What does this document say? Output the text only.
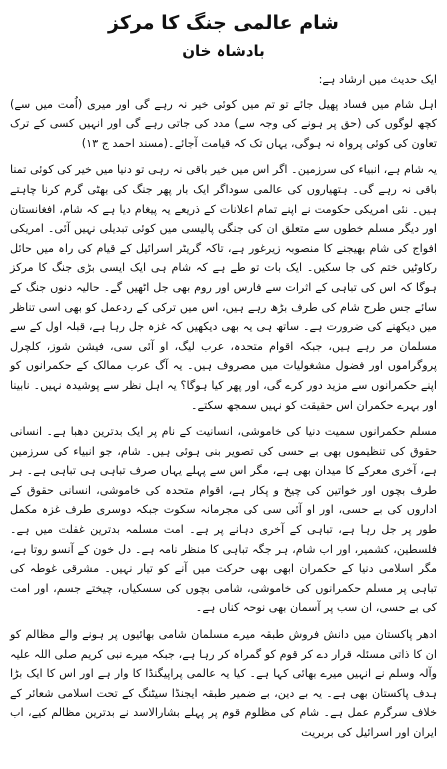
شام عالمی جنگ کا مرکز
بادشاہ خان

ایک حدیث میں ارشاد ہے:

اہل شام میں فساد پھیل جائے تو تم میں کوئی خیر نہ رہے گی اور میری (اُمت میں سے) کچھ لوگوں کی (حق پر ہونے کی وجہ سے) مدد کی جاتی رہے گی اور انہیں کسی کے ترک تعاون کی کوئی پرواہ نہ ہوگی، یہاں تک کہ قیامت آجائے۔(مسند احمد ج ١٣)

یہ شام ہے، انبیاء کی سرزمین۔ اگر اس میں خیر باقی نہ رہی تو دنیا میں خیر کی کوئی تمنا باقی نہ رہے گی۔ ہتھیاروں کی عالمی سوداگر ایک بار پھر جنگ کی بھٹی گرم کرنا چاہتے ہیں۔ نئی امریکی حکومت نے اپنے تمام اعلانات کے ذریعے یہ پیغام دیا ہے کہ شام، افغانستان اور دیگر مسلم خطوں سے متعلق ان کی جنگی پالیسی میں کوئی تبدیلی نہیں آئی۔ امریکی افواج کی شام بھیجنے کا منصوبہ زیرغور ہے، تاکہ گریٹر اسرائیل کے قیام کی راہ میں حائل رکاوٹیں ختم کی جا سکیں۔ ایک بات تو طے ہے کہ شام ہی ایک ایسی بڑی جنگ کا مرکز ہوگا کہ اس کی تباہی کے اثرات سے فارس اور روم بھی جل اٹھیں گے۔ حالیہ دنوں جنگ کے سائے جس طرح شام کی طرف بڑھ رہے ہیں، اس میں ترکی کے ردعمل کو بھی اسی تناظر میں دیکھنے کی ضرورت ہے۔ ساتھ ہی یہ بھی دیکھیں کہ غزہ جل رہا ہے، قبلہ اول کے سے مسلمان مر رہے ہیں، جبکہ اقوام متحدہ، عرب لیگ، او آئی سی، فیشن شوز، کلچرل پروگراموں اور فضول مشغولیات میں مصروف ہیں۔ یہ آگ عرب ممالک کے حکمرانوں کو اپنے حکمرانوں سے مزید دور کرے گی، اور پھر کیا ہوگا؟ یہ اہل نظر سے پوشیدہ نہیں۔ نابینا اور بہرے حکمران اس حقیقت کو نہیں سمجھ سکتے۔

مسلم حکمرانوں سمیت دنیا کی خاموشی، انسانیت کے نام پر ایک بدترین دھبا ہے۔ انسانی حقوق کی تنظیموں بھی بے حسی کی تصویر بنی ہوئی ہیں۔ شام، جو انبیاء کی سرزمین ہے، آخری معرکے کا میدان بھی ہے، مگر اس سے پہلے یہاں صرف تباہی ہی تباہی ہے۔ ہر طرف بچوں اور خواتین کی چیخ و پکار ہے، اقوام متحدہ کی خاموشی، انسانی حقوق کے اداروں کی بے حسی، اور او آئی سی کی مجرمانہ سکوت جبکہ دوسری طرف غزہ مکمل طور پر جل رہا ہے، تباہی کے آخری دہانے پر ہے۔ امت مسلمہ بدترین غفلت میں ہے۔ فلسطین، کشمیر، اور اب شام، ہر جگہ تباہی کا منظر نامہ ہے۔ دل خون کے آنسو روتا ہے، مگر اسلامی دنیا کے حکمران ابھی بھی حرکت میں آنے کو تیار نہیں۔ مشرقی غوطہ کی تباہی پر مسلم حکمرانوں کی خاموشی، شامی بچوں کی سسکیاں، چیختے جسم، اور امت کی بے حسی، ان سب پر آسمان بھی نوحہ کناں ہے۔

ادھر پاکستان میں دانش فروش طبقہ میرے مسلمان شامی بھائیوں پر ہونے والے مظالم کو ان کا ذاتی مسئلہ قرار دے کر قوم کو گمراہ کر رہا ہے، جبکہ میرے نبی کریم صلی اللہ علیہ وآلہ وسلم نے انہیں میرے بھائی کہا ہے۔ کیا یہ عالمی پراپیگنڈا کا وار ہے اور اس کا ایک بڑا ہدف پاکستان بھی ہے۔ یہ بے دین، بے ضمیر طبقہ ایجنڈا سیٹنگ کے تحت اسلامی شعائر کے خلاف سرگرم عمل ہے۔ شام کی مظلوم قوم پر پہلے بشارالاسد نے بدترین مظالم کیے، اب ایران اور اسرائیل کی بربریت
